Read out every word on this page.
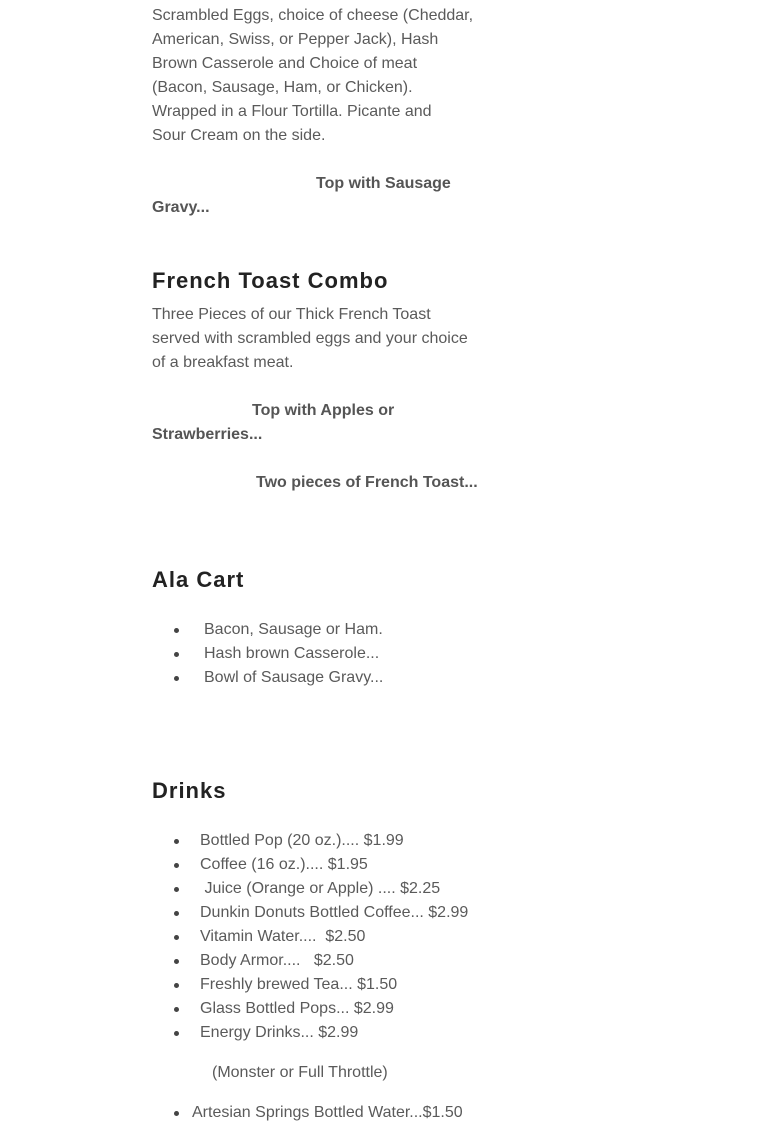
Scrambled Eggs, choice of cheese (Cheddar,

American, Swiss, or Pepper Jack), Hash

Brown Casserole and Choice of meat

(Bacon, Sausage, Ham, or Chicken).

Wrapped in a Flour Tortilla. Picante and

Sour Cream on the side.

Top with Sausage
Gravy...
French Toast Combo

Three Pieces of our Thick French Toast

served with scrambled eggs and your choice

of a breakfast meat.

Top with Apples or
Strawberries...
Two pieces of French Toast...
Ala Cart
Bacon, Sausage or Ham.
Hash brown Casserole...
Bowl of Sausage Gravy...
Drinks
Bottled Pop (20 oz.).... $1.99
Coffee (16 oz.).... $1.95
Juice (Orange or Apple) .... $2.25
Dunkin Donuts Bottled Coffee... $2.99
Vitamin Water....  $2.50
Body Armor....   $2.50
Freshly brewed Tea... $1.50
Glass Bottled Pops... $2.99
Energy Drinks... $2.99
(Monster or Full Throttle)
Artesian Springs Bottled Water...$1.50
